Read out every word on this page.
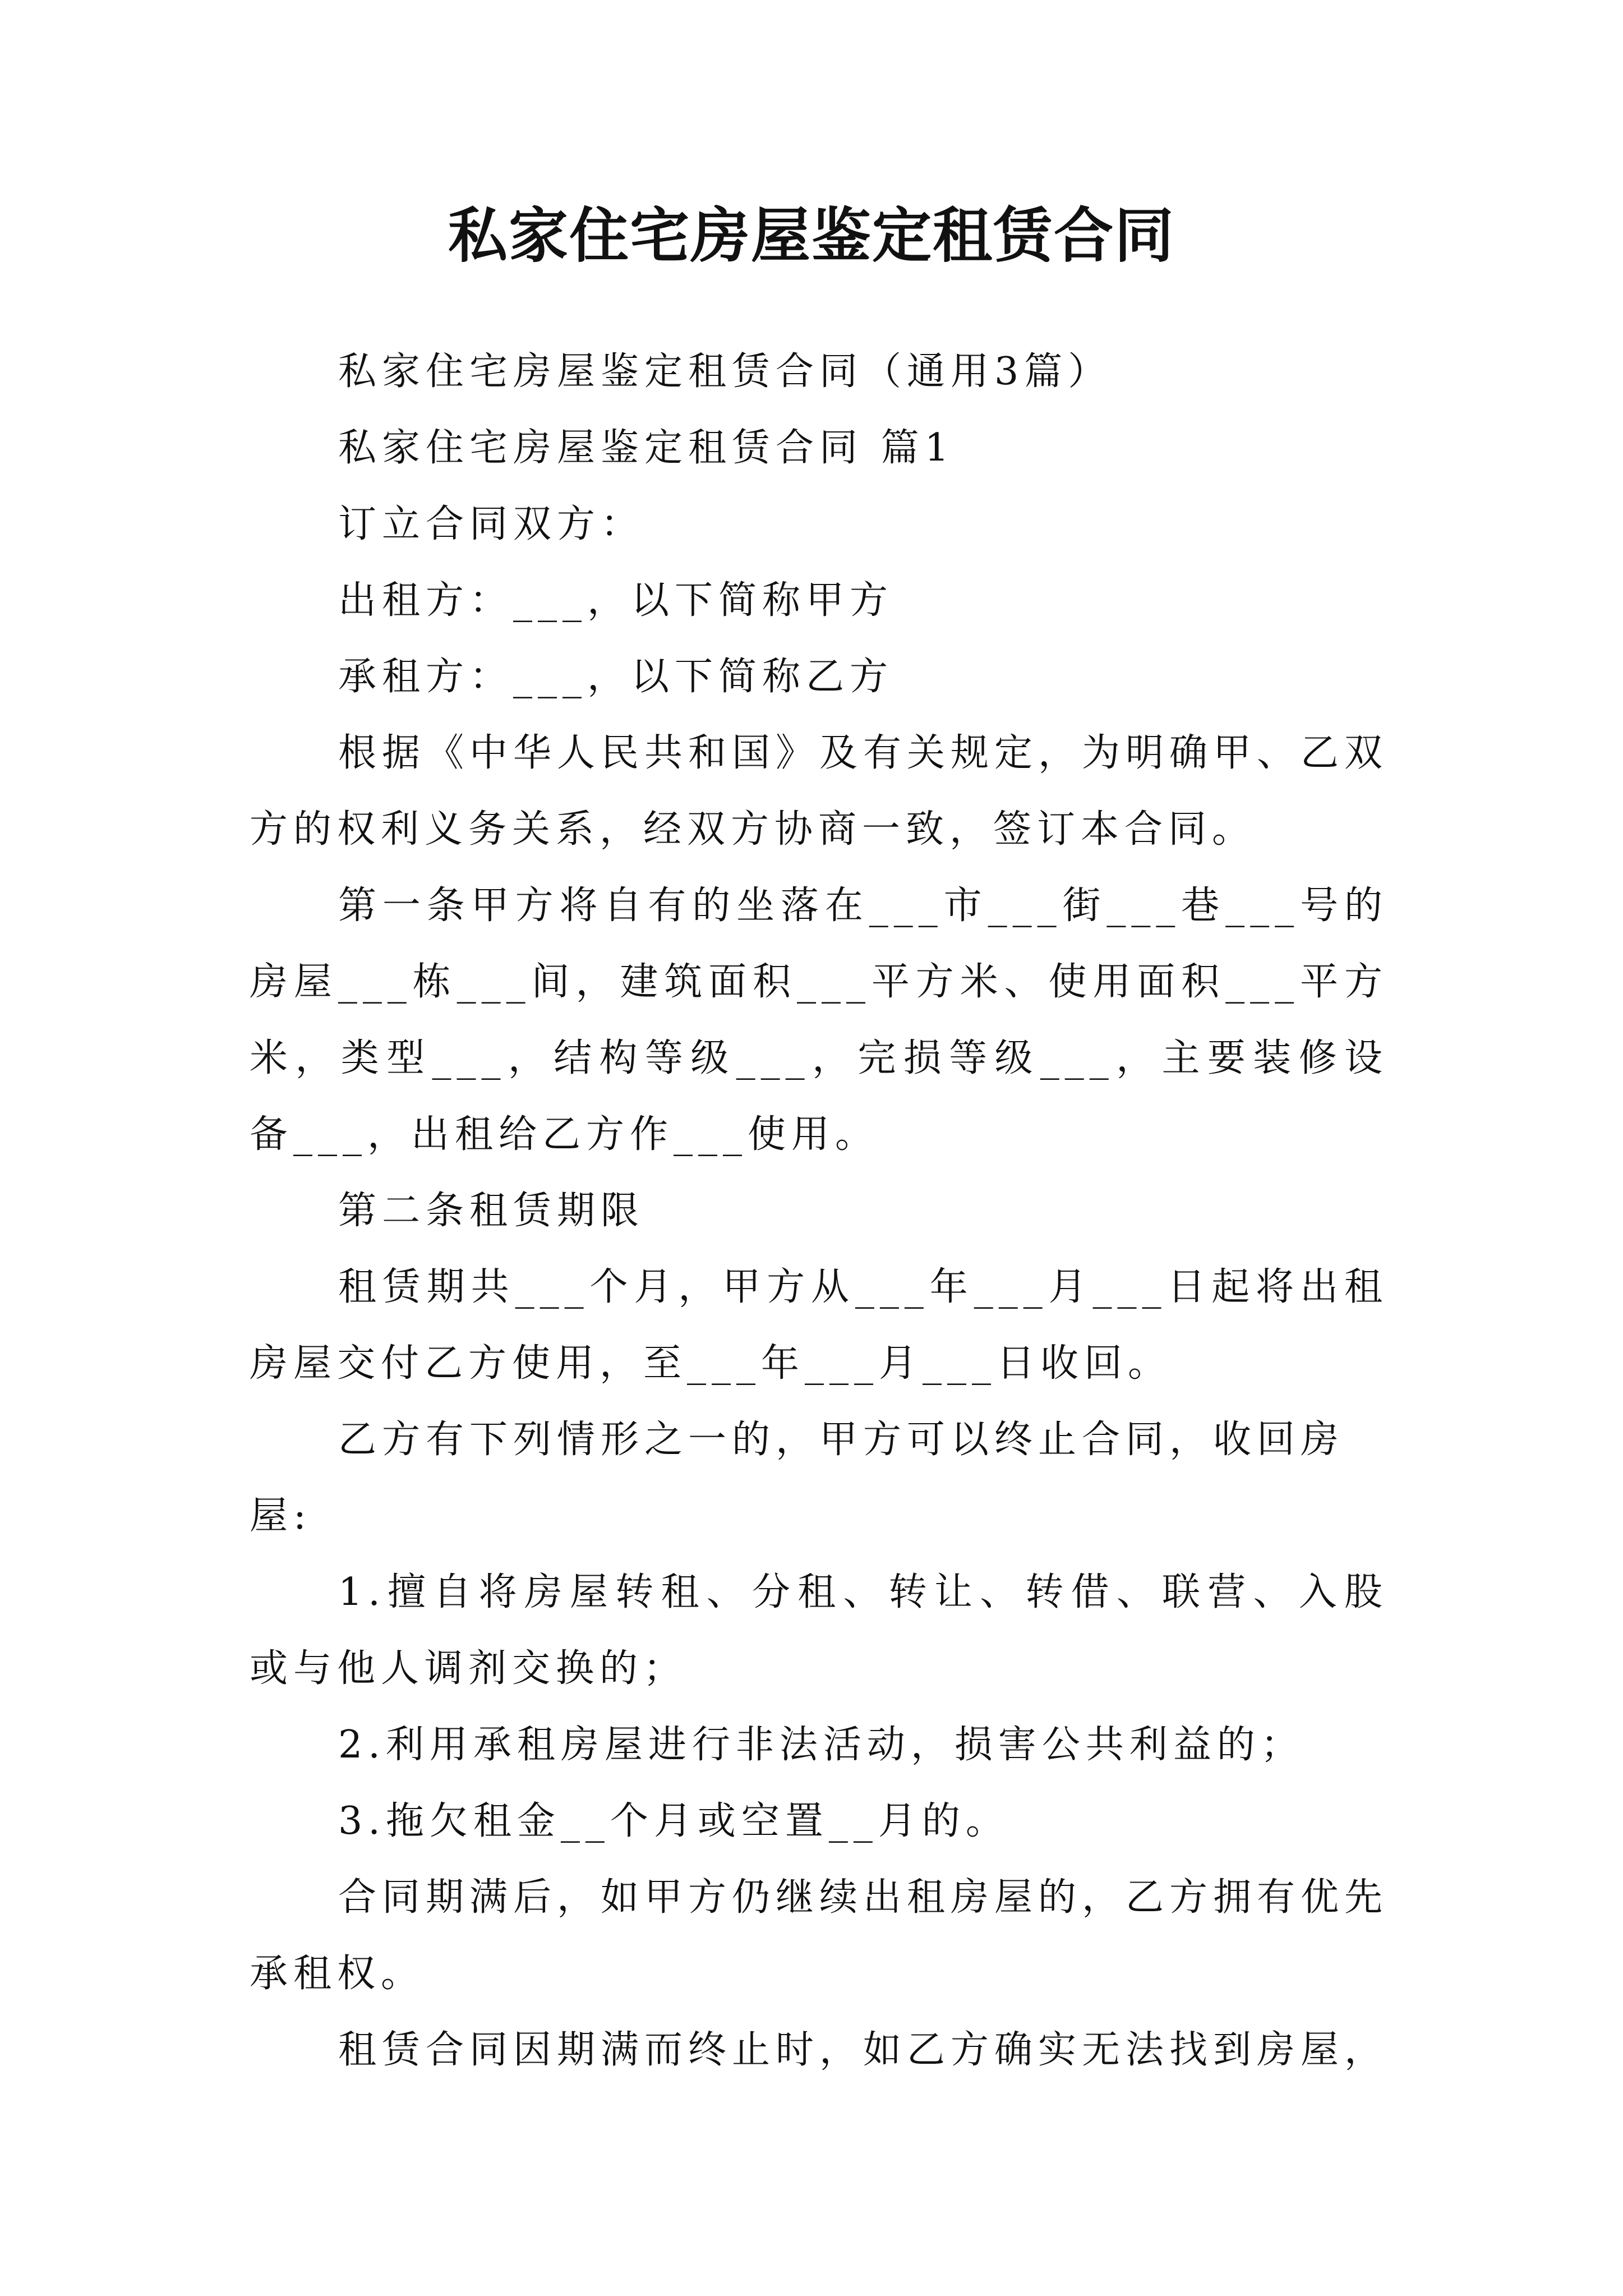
私家住宅房屋鉴定租赁合同

私家住宅房屋鉴定租赁合同（通用3篇）

私家住宅房屋鉴定租赁合同 篇1

订立合同双方：

出租方：___，以下简称甲方

承租方：___，以下简称乙方

根据《中华人民共和国》及有关规定，为明确甲、乙双方的权利义务关系，经双方协商一致，签订本合同。

第一条甲方将自有的坐落在___市___街___巷___号的房屋___栋___间，建筑面积___平方米、使用面积___平方米，类型___，结构等级___，完损等级___，主要装修设备___，出租给乙方作___使用。

第二条租赁期限

租赁期共___个月，甲方从___年___月___日起将出租房屋交付乙方使用，至___年___月___日收回。

乙方有下列情形之一的，甲方可以终止合同，收回房屋:

1.擅自将房屋转租、分租、转让、转借、联营、入股或与他人调剂交换的；

2.利用承租房屋进行非法活动，损害公共利益的；

3.拖欠租金__个月或空置__月的。

合同期满后，如甲方仍继续出租房屋的，乙方拥有优先承租权。

租赁合同因期满而终止时，如乙方确实无法找到房屋，
